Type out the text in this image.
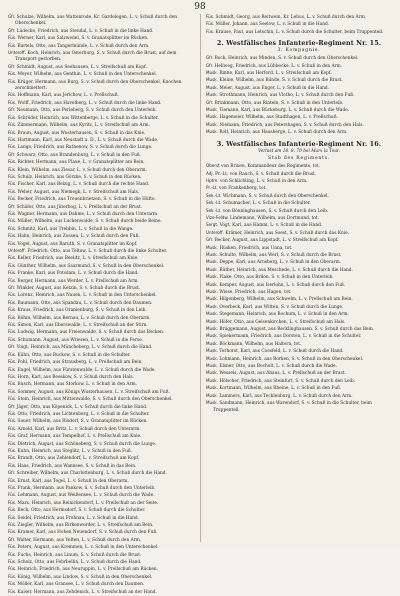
98

Gfr. Schulze, Wilhelm, aus Wattenrode, Kr. Gardelegen, L. v. Schuß durch den Oberschenkel.

Gfr. Lüdecke, Friedrich, aus Stendal, L. v. Schuß in die linke Hand.

Füs. Werner, Karl, aus Salzwedel, S. v. Granatsplitter im Rücken.

Füs. Bartels, Otto, aus Tangermünde, L. v. Schuß durch den Arm.

Unteroff. Koch, Heinrich, aus Osterburg, S. v. Schuß durch die Brust, auf dem Transport gestorben.

Gfr. Schmidt, August, aus Seehausen, L. v. Streifschuß am Kopf.

Füs. Meyer, Wilhelm, aus Genthin, L. v. Schuß in den Unterschenkel.

Füs. Krüger, Hermann, aus Burg, S. v. Schuß durch den Oberschenkel, Knochen zerschmettert.

Füs. Hoffmann, Karl, aus Jerichow, L. v. Prellschuß.

Füs. Wolff, Friedrich, aus Havelberg, L. v. Schuß durch die linke Hand.

Gfr. Neumann, Otto, aus Perleberg, S. v. Schuß durch den Unterleib.

Füs. Schröder, Heinrich, aus Wittenberge, L. v. Schuß in die Schulter.

Füs. Zimmermann, Wilhelm, aus Kyritz, L. v. Streifschuß am Arm.

Füs. Braun, August, aus Wusterhausen, S. v. Schuß in das Knie.

Füs. Hartmann, Karl, aus Neustadt a. D., L. v. Schuß durch die Wade.

Füs. Lange, Friedrich, aus Rathenow, S. v. Schuß durch die Lunge.

Gfr. Schwarz, Otto, aus Brandenburg, L. v. Schuß in den Fuß.

Füs. Richter, Hermann, aus Plaue, L. v. Granatsplitter am Bein.

Füs. Klein, Wilhelm, aus Ziesar, L. v. Schuß durch den Oberarm.

Füs. Schulz, Heinrich, aus Görzke, S. v. Schuß in den Rücken.

Füs. Fischer, Karl, aus Belzig, L. v. Schuß durch die rechte Hand.

Füs. Weber, August, aus Niemegk, L. v. Streifschuß am Hals.

Füs. Becker, Friedrich, aus Treuenbrietzen, S. v. Schuß in die Hüfte.

Gfr. Schäfer, Otto, aus Jüterbog, L. v. Prellschuß an der Brust.

Füs. Wagner, Hermann, aus Dahme, L. v. Schuß durch den Unterarm.

Füs. Müller, Wilhelm, aus Luckenwalde, S. v. Schuß durch beide Beine.

Füs. Schmitz, Karl, aus Trebbin, L. v. Schuß in die Wange.

Füs. Hahn, Heinrich, aus Zossen, L. v. Schuß durch den Fuß.

Füs. Vogel, August, aus Baruth, S. v. Granatsplitter im Kopf.

Unteroff. Friedrich, Otto, aus Teltow, L. v. Schuß durch die linke Schulter.

Füs. Keller, Friedrich, aus Beelitz, L. v. Streifschuß am Knie.

Füs. Günther, Wilhelm, aus Saarmund, S. v. Schuß in den Oberschenkel.

Füs. Franke, Karl, aus Potsdam, L. v. Schuß durch die Hand.

Füs. Berger, Hermann, aus Werder, L. v. Prellschuß am Arm.

Gfr. Winkler, August, aus Ketzin, S. v. Schuß durch die Brust.

Füs. Lorenz, Heinrich, aus Nauen, L. v. Schuß in den Unterschenkel.

Füs. Baumann, Otto, aus Spandau, L. v. Schuß durch den Daumen.

Füs. Kraus, Friedrich, aus Oranienburg, S. v. Schuß in den Leib.

Füs. Böhm, Wilhelm, aus Bernau, L. v. Schuß durch den Oberarm.

Füs. Simon, Karl, aus Eberswalde, L. v. Streifschuß an der Stirn.

Füs. Ludwig, Hermann, aus Freienwalde, S. v. Schuß durch das Becken.

Füs. Schumann, August, aus Wriezen, L. v. Schuß in die Ferse.

Gfr. Voigt, Heinrich, aus Müncheberg, L. v. Schuß durch die Hand.

Füs. Kühn, Otto, aus Buckow, S. v. Schuß in die Schulter.

Füs. Pohl, Friedrich, aus Strausberg, L. v. Prellschuß am Bein.

Füs. Engel, Wilhelm, aus Fürstenwalde, L. v. Schuß durch die Wade.

Füs. Horn, Karl, aus Beeskow, S. v. Schuß durch den Hals.

Füs. Busch, Hermann, aus Storkow, L. v. Schuß in den Arm.

Füs. Sommer, August, aus Königs Wusterhausen, L. v. Streifschuß am Fuß.

Füs. Stein, Heinrich, aus Mittenwalde, S. v. Schuß durch den Oberschenkel.

Gfr. Jäger, Otto, aus Köpenick, L. v. Schuß durch die linke Hand.

Füs. Otto, Friedrich, aus Lichtenberg, L. v. Schuß in die Schulter.

Füs. Sauer, Wilhelm, aus Rixdorf, S. v. Granatsplitter im Rücken.

Füs. Arnold, Karl, aus Britz, L. v. Schuß durch den Unterarm.

Füs. Graf, Hermann, aus Tempelhof, L. v. Prellschuß am Knie.

Füs. Dietrich, August, aus Schöneberg, S. v. Schuß durch die Lunge.

Füs. Kuhn, Heinrich, aus Steglitz, L. v. Schuß in den Fuß.

Füs. Brandt, Otto, aus Zehlendorf, L. v. Streifschuß am Kopf.

Füs. Haas, Friedrich, aus Wannsee, S. v. Schuß in das Bein.

Gfr. Schreiber, Wilhelm, aus Charlottenburg, L. v. Schuß durch die Hand.

Füs. Ernst, Karl, aus Tegel, L. v. Schuß in den Oberarm.

Füs. Frank, Hermann, aus Pankow, S. v. Schuß durch den Unterleib.

Füs. Lehmann, August, aus Weißensee, L. v. Schuß durch die Wade.

Füs. Marx, Heinrich, aus Reinickendorf, L. v. Prellschuß an der Seite.

Füs. Beck, Otto, aus Hermsdorf, S. v. Schuß durch die Schulter.

Füs. Seidel, Friedrich, aus Frohnau, L. v. Schuß in die Hand.

Füs. Ziegler, Wilhelm, aus Birkenwerder, L. v. Streifschuß am Bein.

Füs. Kramer, Karl, aus Hohen Neuendorf, S. v. Schuß durch den Fuß.

Gfr. Walter, Hermann, aus Velten, L. v. Schuß durch den Arm.

Füs. Peters, August, aus Kremmen, L. v. Schuß in den Unterschenkel.

Füs. Fuchs, Heinrich, aus Linum, S. v. Schuß durch die Brust.

Füs. Scholz, Otto, aus Fehrbellin, L. v. Schuß durch die Hand.

Füs. Heinrich, Friedrich, aus Neuruppin, L. v. Prellschuß am Rücken.

Füs. König, Wilhelm, aus Lindow, S. v. Schuß in den Oberschenkel.

Füs. Möller, Karl, aus Gransee, L. v. Schuß durch den Daumen.

Füs. Kaiser, Hermann, aus Zehdenick, L. v. Streifschuß an der Hand.

Füs. Schmidt, Georg, aus Reitwein, Kr. Lebus, L. v. Schuß durch den Arm.

Füs. Müller, Johann, aus Seelow, L. v. Schuß in die Hand.

Füs. Krause, Paul, aus Letschin, L. v. Schuß durch die Schulter, beim Truppenteil.

2. Westfälisches Infanterie-Regiment Nr. 15.
3. Kompagnie.

Gfr. Bock, Heinrich, aus Minden, S. v. Schuß durch den Oberschenkel.

Gfr. Hellweg, Friedrich, aus Lübbecke, L. v. Schuß in den Arm.

Musk. Rinne, Karl, aus Herford, L. v. Streifschuß am Kopf.

Musk. Kleine, Wilhelm, aus Bünde, S. v. Schuß durch die Brust.

Musk. Meier, August, aus Enger, L. v. Schuß in die Hand.

Musk. Strothmann, Heinrich, aus Vlotho, L. v. Schuß durch den Fuß.

Gfr. Brinkmann, Otto, aus Rinteln, S. v. Schuß in den Unterleib.

Musk. Tiemann, Karl, aus Bückeburg, L. v. Schuß durch die Wade.

Musk. Hagemeier, Wilhelm, aus Stadthagen, L. v. Prellschuß.

Musk. Niemann, Friedrich, aus Petershagen, S. v. Schuß durch den Hals.

Musk. Rolf, Heinrich, aus Hausberge, L. v. Schuß durch den Arm.

3. Westfälisches Infanterie-Regiment Nr. 16.
Verlust am 16. 8. 70 bei Mars la Tour.
Stab des Regiments.

Oberst von Brixen, Kommandeur des Regiments, tot.

Adj. Pr.-Lt. von Rauch, S. v. Schuß durch die Brust.

Hptm. von Schlichting, L. v. Schuß in den Arm.

Pr.-Lt. von Frankenberg, tot.

Sek.-Lt. Wichmann, S. v. Schuß durch den Oberschenkel.

Sek.-Lt. Schumacher, L. v. Schuß in die Schulter.

Sek.-Lt. von Bönninghausen, S. v. Schuß durch den Leib.

Vize-Feldw. Lindemann, Wilhelm, aus Dortmund, tot.

Sergt. Vogt, Karl, aus Hamm, L. v. Schuß in die Hand.

Unteroff. Krämer, Heinrich, aus Soest, S. v. Schuß durch das Knie.

Gfr. Becker, August, aus Lippstadt, L. v. Streifschuß am Kopf.

Musk. Hüsken, Friedrich, aus Unna, tot.

Musk. Schulte, Wilhelm, aus Werl, S. v. Schuß durch die Brust.

Musk. Deppe, Karl, aus Arnsberg, L. v. Schuß in den Oberarm.

Musk. Rüther, Heinrich, aus Meschede, L. v. Schuß durch die Hand.

Musk. Flake, Otto, aus Brilon, S. v. Schuß in den Unterleib.

Musk. Kemper, August, aus Iserlohn, L. v. Schuß durch den Fuß.

Musk. Wiese, Friedrich, aus Hagen, tot.

Musk. Hilgenberg, Wilhelm, aus Schwelm, L. v. Prellschuß am Bein.

Musk. Overbeck, Karl, aus Witten, S. v. Schuß durch die Lunge.

Musk. Stegemann, Heinrich, aus Bochum, L. v. Schuß in den Arm.

Musk. Höfer, Otto, aus Gelsenkirchen, L. v. Streifschuß am Hals.

Musk. Brüggemann, August, aus Recklinghausen, S. v. Schuß durch das Bein.

Musk. Spiekermann, Friedrich, aus Dorsten, L. v. Schuß in die Schulter.

Musk. Böckmann, Wilhelm, aus Haltern, tot.

Musk. Terhorst, Karl, aus Coesfeld, L. v. Schuß durch die Hand.

Musk. Lohmann, Heinrich, aus Borken, S. v. Schuß in den Oberschenkel.

Musk. Elsner, Otto, aus Bocholt, L. v. Schuß durch die Wade.

Musk. Wessels, August, aus Ahaus, L. v. Prellschuß an der Brust.

Musk. Hölscher, Friedrich, aus Steinfurt, S. v. Schuß durch den Leib.

Musk. Kortmann, Wilhelm, aus Rheine, L. v. Schuß in den Fuß.

Musk. Lammers, Karl, aus Tecklenburg, L. v. Schuß durch den Arm.

Musk. Sandmann, Heinrich, aus Warendorf, S. v. Schuß in die Schulter, beim Truppenteil.
